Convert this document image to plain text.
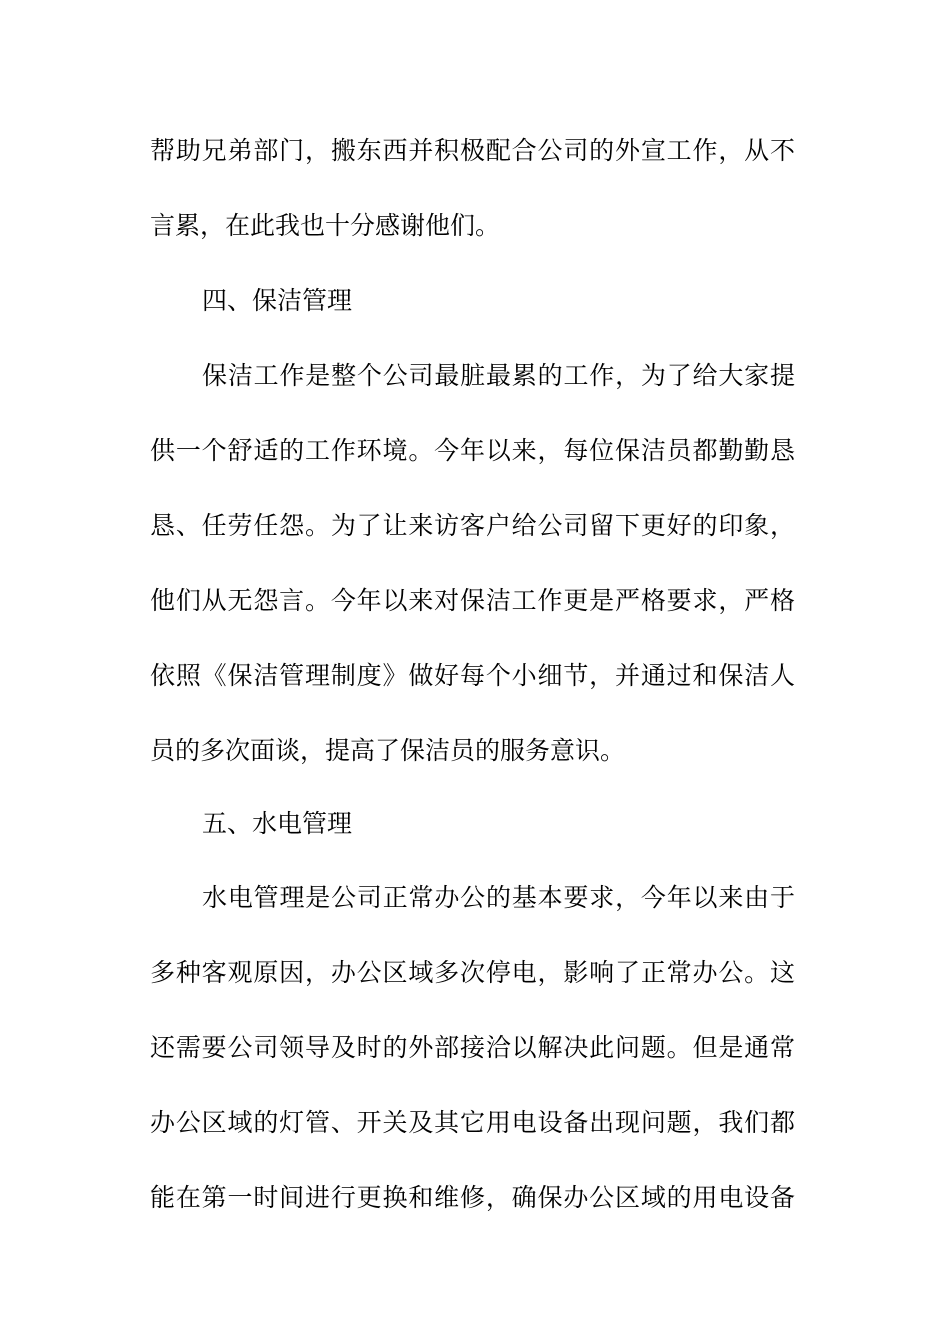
帮助兄弟部门，搬东西并积极配合公司的外宣工作，从不
言累，在此我也十分感谢他们。
四、保洁管理
保洁工作是整个公司最脏最累的工作，为了给大家提
供一个舒适的工作环境。今年以来，每位保洁员都勤勤恳
恳、任劳任怨。为了让来访客户给公司留下更好的印象，
他们从无怨言。今年以来对保洁工作更是严格要求，严格
依照《保洁管理制度》做好每个小细节，并通过和保洁人
员的多次面谈，提高了保洁员的服务意识。
五、水电管理
水电管理是公司正常办公的基本要求，今年以来由于
多种客观原因，办公区域多次停电，影响了正常办公。这
还需要公司领导及时的外部接洽以解决此问题。但是通常
办公区域的灯管、开关及其它用电设备出现问题，我们都
能在第一时间进行更换和维修，确保办公区域的用电设备
